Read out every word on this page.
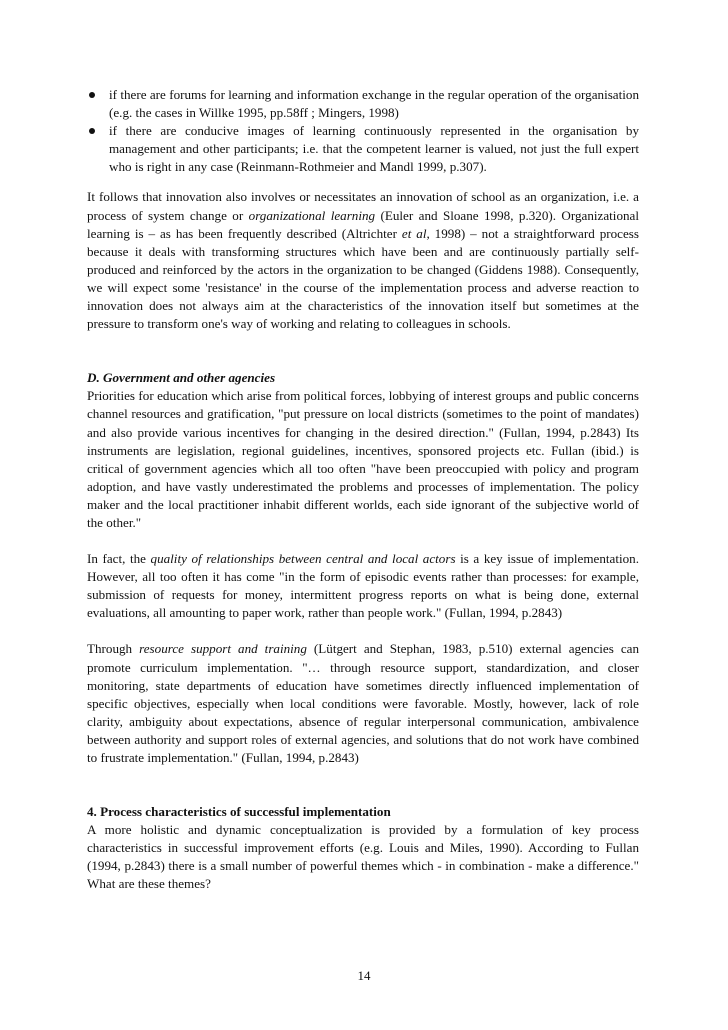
if there are forums for learning and information exchange in the regular operation of the organisation (e.g. the cases in Willke 1995, pp.58ff ; Mingers, 1998)
if there are conducive images of learning continuously represented in the organisation by management and other participants; i.e. that the competent learner is valued, not just the full expert who is right in any case (Reinmann-Rothmeier and Mandl 1999, p.307).

It follows that innovation also involves or necessitates an innovation of school as an organization, i.e. a process of system change or organizational learning (Euler and Sloane 1998, p.320). Organizational learning is – as has been frequently described (Altrichter et al, 1998) – not a straightforward process because it deals with transforming structures which have been and are continuously partially self-produced and reinforced by the actors in the organization to be changed (Giddens 1988). Consequently, we will expect some 'resistance' in the course of the implementation process and adverse reaction to innovation does not always aim at the characteristics of the innovation itself but sometimes at the pressure to transform one's way of working and relating to colleagues in schools.

D. Government and other agencies

Priorities for education which arise from political forces, lobbying of interest groups and public concerns channel resources and gratification, "put pressure on local districts (sometimes to the point of mandates) and also provide various incentives for changing in the desired direction." (Fullan, 1994, p.2843) Its instruments are legislation, regional guidelines, incentives, sponsored projects etc. Fullan (ibid.) is critical of government agencies which all too often "have been preoccupied with policy and program adoption, and have vastly underestimated the problems and processes of implementation. The policy maker and the local practitioner inhabit different worlds, each side ignorant of the subjective world of the other."

In fact, the quality of relationships between central and local actors is a key issue of implementation. However, all too often it has come "in the form of episodic events rather than processes: for example, submission of requests for money, intermittent progress reports on what is being done, external evaluations, all amounting to paper work, rather than people work." (Fullan, 1994, p.2843)

Through resource support and training (Lütgert and Stephan, 1983, p.510) external agencies can promote curriculum implementation. "… through resource support, standardization, and closer monitoring, state departments of education have sometimes directly influenced implementation of specific objectives, especially when local conditions were favorable. Mostly, however, lack of role clarity, ambiguity about expectations, absence of regular interpersonal communication, ambivalence between authority and support roles of external agencies, and solutions that do not work have combined to frustrate implementation." (Fullan, 1994, p.2843)

4. Process characteristics of successful implementation

A more holistic and dynamic conceptualization is provided by a formulation of key process characteristics in successful improvement efforts (e.g. Louis and Miles, 1990). According to Fullan (1994, p.2843) there is a small number of powerful themes which - in combination - make a difference." What are these themes?

14
